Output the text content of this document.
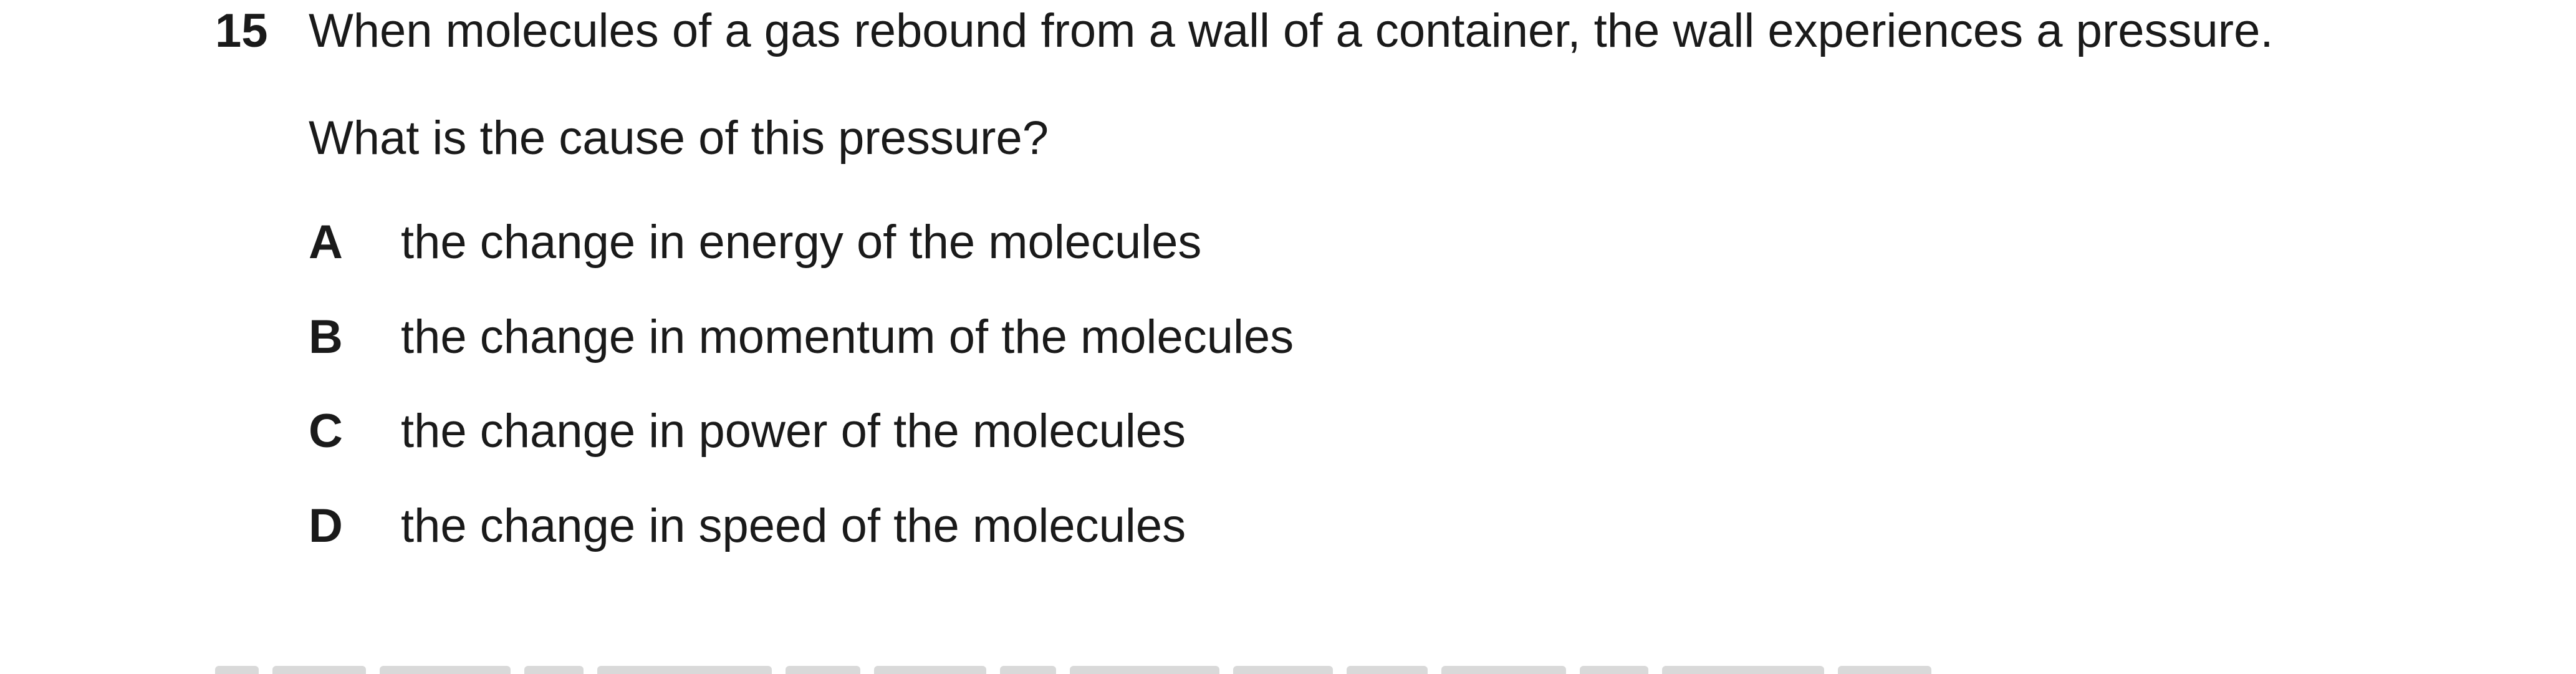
15 When molecules of a gas rebound from a wall of a container, the wall experiences a pressure.
What is the cause of this pressure?
A the change in energy of the molecules
B the change in momentum of the molecules
C the change in power of the molecules
D the change in speed of the molecules
